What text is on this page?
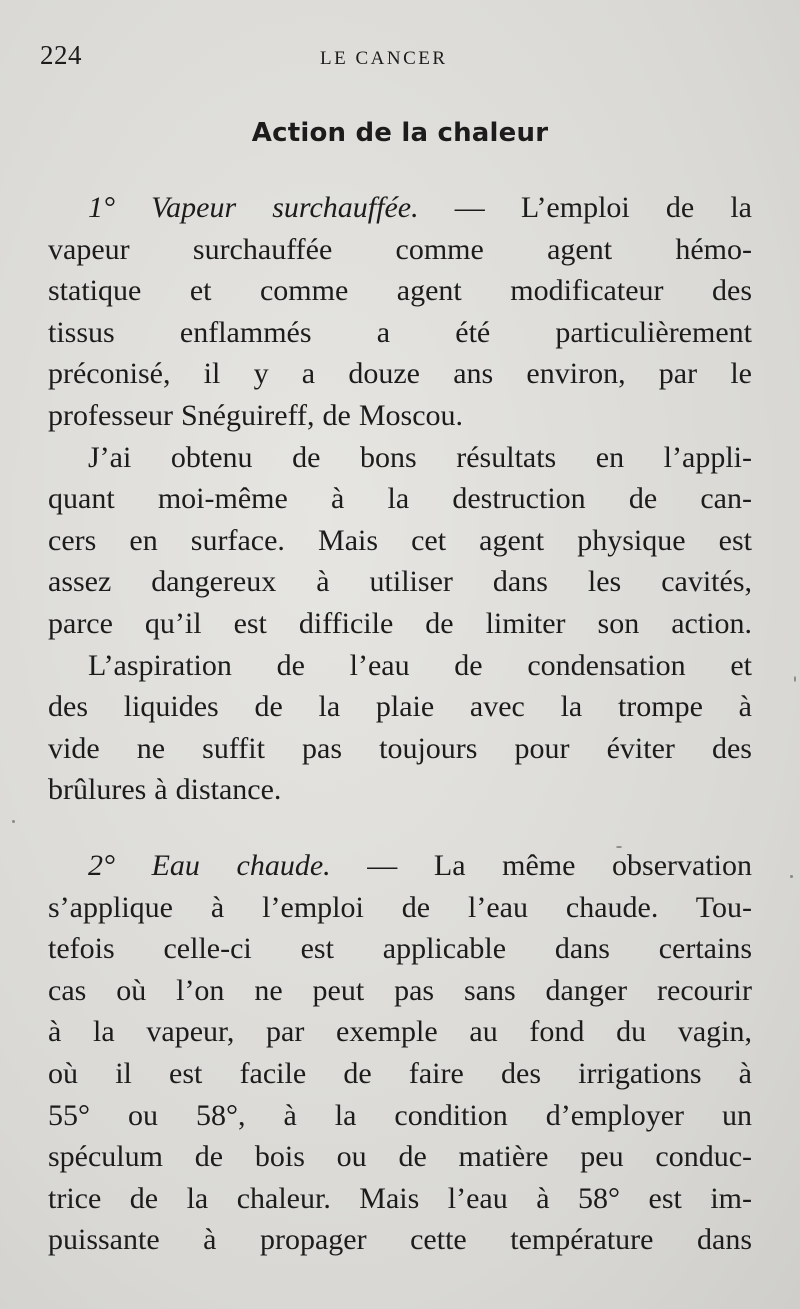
224	LE CANCER
Action de la chaleur

1° Vapeur surchauffée. — L’emploi de la
vapeur surchauffée comme agent hémo-
statique et comme agent modificateur des
tissus enflammés a été particulièrement
préconisé, il y a douze ans environ, par le
professeur Snéguireff, de Moscou.

J’ai obtenu de bons résultats en l’appli-
quant moi-même à la destruction de can-
cers en surface. Mais cet agent physique est
assez dangereux à utiliser dans les cavités,
parce qu’il est difficile de limiter son action.

L’aspiration de l’eau de condensation et
des liquides de la plaie avec la trompe à
vide ne suffit pas toujours pour éviter des
brûlures à distance.

2° Eau chaude. — La même observation
s’applique à l’emploi de l’eau chaude. Tou-
tefois celle-ci est applicable dans certains
cas où l’on ne peut pas sans danger recourir
à la vapeur, par exemple au fond du vagin,
où il est facile de faire des irrigations à
55° ou 58°, à la condition d’employer un
spéculum de bois ou de matière peu conduc-
trice de la chaleur. Mais l’eau à 58° est im-
puissante à propager cette température dans
